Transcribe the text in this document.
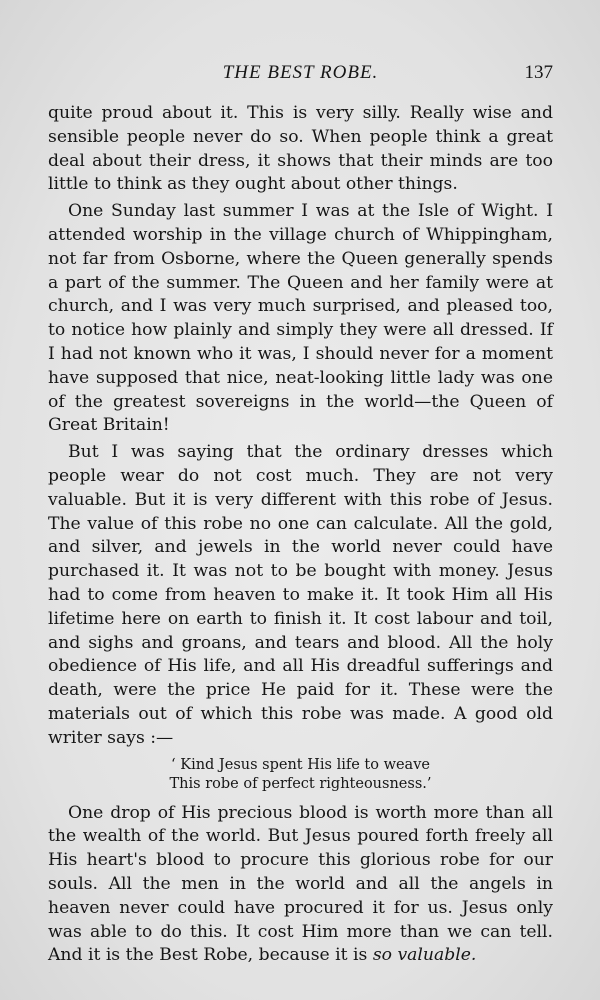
THE BEST ROBE.	137

quite proud about it. This is very silly. Really wise and sensible people never do so. When people think a great deal about their dress, it shows that their minds are too little to think as they ought about other things.

One Sunday last summer I was at the Isle of Wight. I attended worship in the village church of Whippingham, not far from Osborne, where the Queen generally spends a part of the summer. The Queen and her family were at church, and I was very much surprised, and pleased too, to notice how plainly and simply they were all dressed. If I had not known who it was, I should never for a moment have supposed that nice, neat-looking little lady was one of the greatest sovereigns in the world—the Queen of Great Britain!

But I was saying that the ordinary dresses which people wear do not cost much. They are not very valuable. But it is very different with this robe of Jesus. The value of this robe no one can calculate. All the gold, and silver, and jewels in the world never could have purchased it. It was not to be bought with money. Jesus had to come from heaven to make it. It took Him all His lifetime here on earth to finish it. It cost labour and toil, and sighs and groans, and tears and blood. All the holy obedience of His life, and all His dreadful sufferings and death, were the price He paid for it. These were the materials out of which this robe was made. A good old writer says :—

‘ Kind Jesus spent His life to weave
This robe of perfect righteousness.’

One drop of His precious blood is worth more than all the wealth of the world. But Jesus poured forth freely all His heart's blood to procure this glorious robe for our souls. All the men in the world and all the angels in heaven never could have procured it for us. Jesus only was able to do this. It cost Him more than we can tell. And it is the Best Robe, because it is so valuable.
